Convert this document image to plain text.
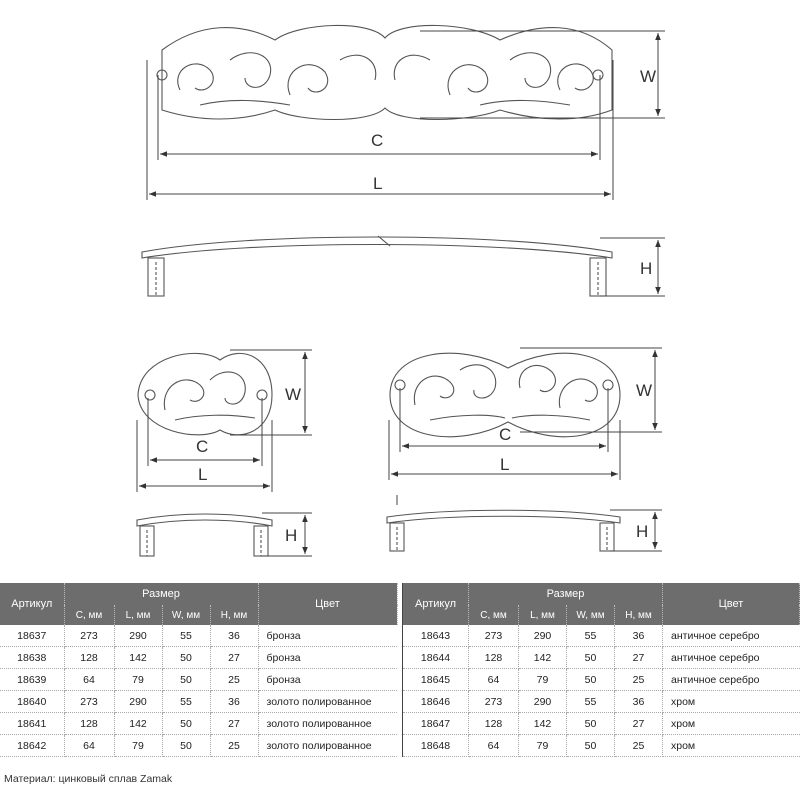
W
C
L
H
W
C
L
H
W
C
L
H
Артикул	Размер				Цвет
	C, мм	L, мм	W, мм	H, мм	
18637	273	290	55	36	бронза
18638	128	142	50	27	бронза
18639	64	79	50	25	бронза
18640	273	290	55	36	золото полированное
18641	128	142	50	27	золото полированное
18642	64	79	50	25	золото полированное
Артикул	Размер				Цвет
	C, мм	L, мм	W, мм	H, мм	
18643	273	290	55	36	античное серебро
18644	128	142	50	27	античное серебро
18645	64	79	50	25	античное серебро
18646	273	290	55	36	хром
18647	128	142	50	27	хром
18648	64	79	50	25	хром
Материал: цинковый сплав Zamak
